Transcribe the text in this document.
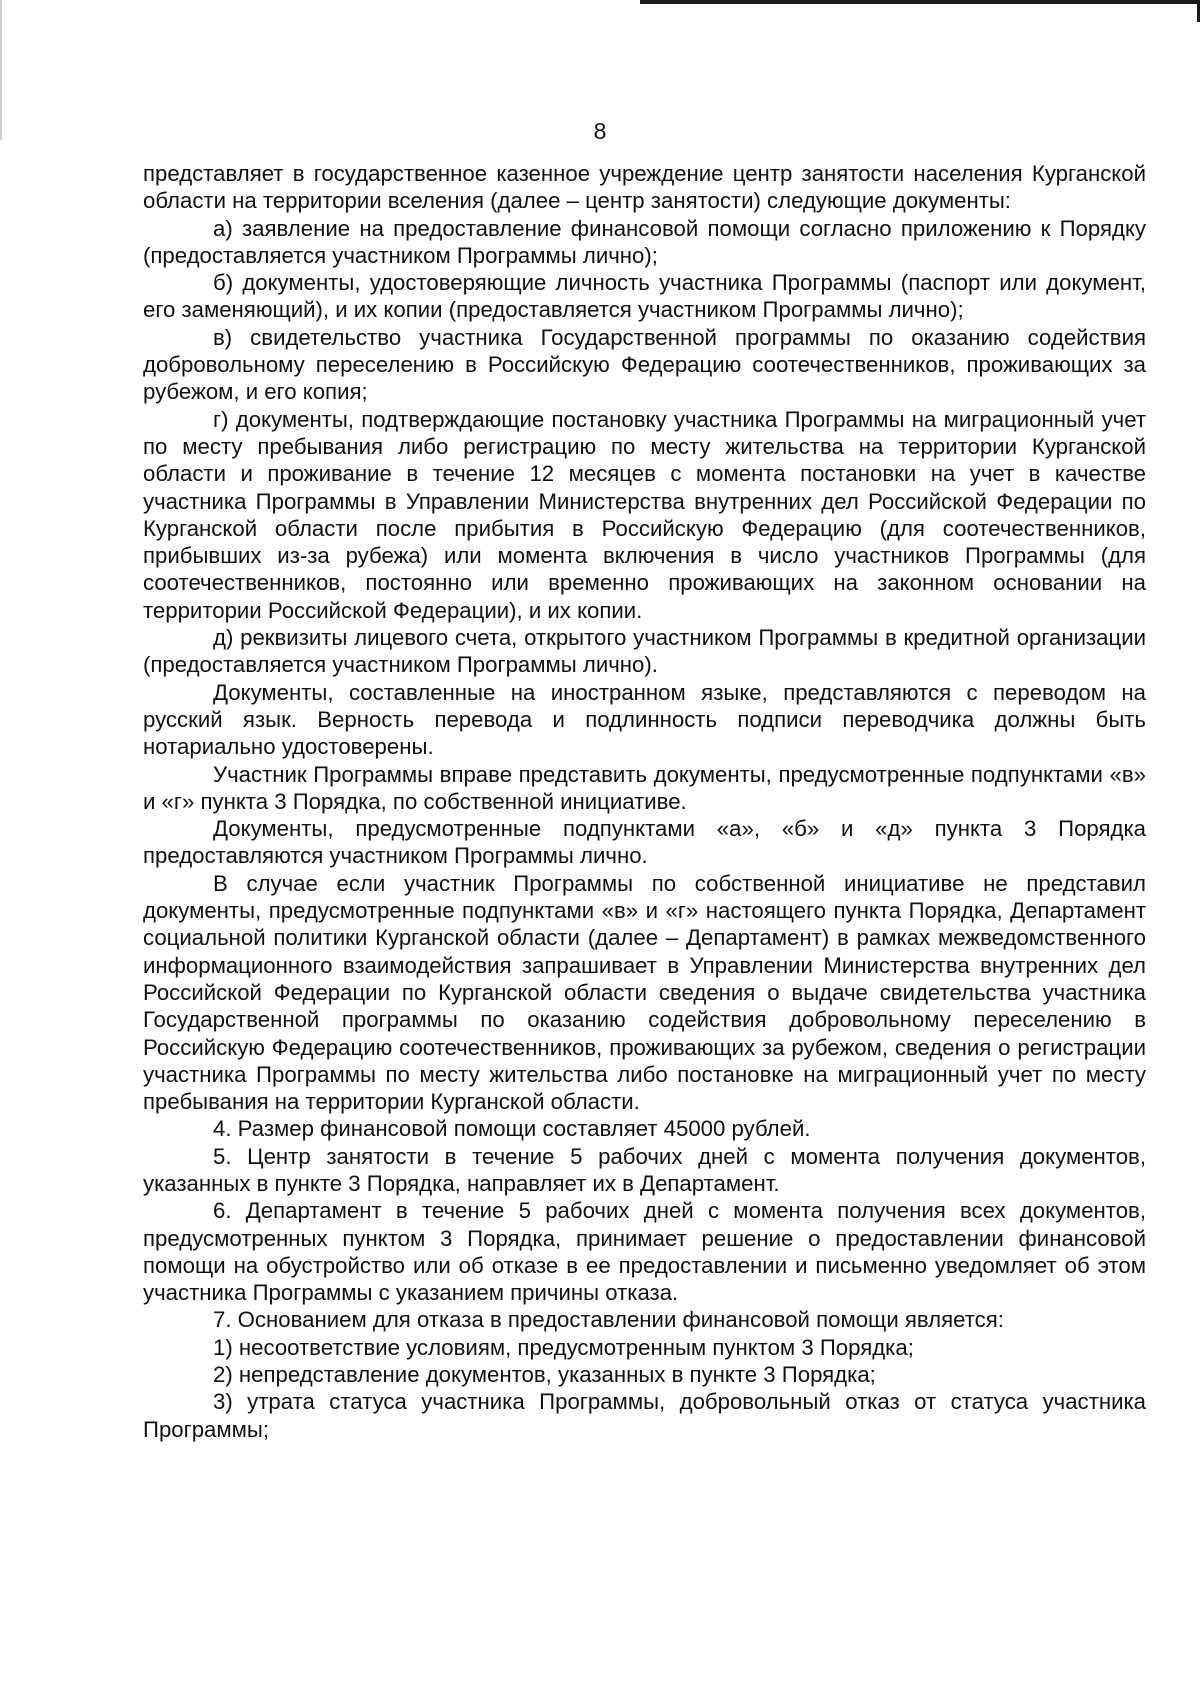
8

представляет в государственное казенное учреждение центр занятости населения Курганской области на территории вселения (далее – центр занятости) следующие документы:

а) заявление на предоставление финансовой помощи согласно приложению к Порядку (предоставляется участником Программы лично);

б) документы, удостоверяющие личность участника Программы (паспорт или документ, его заменяющий), и их копии (предоставляется участником Программы лично);

в) свидетельство участника Государственной программы по оказанию содействия добровольному переселению в Российскую Федерацию соотечественников, проживающих за рубежом, и его копия;

г) документы, подтверждающие постановку участника Программы на миграционный учет по месту пребывания либо регистрацию по месту жительства на территории Курганской области и проживание в течение 12 месяцев с момента постановки на учет в качестве участника Программы в Управлении Министерства внутренних дел Российской Федерации по Курганской области после прибытия в Российскую Федерацию (для соотечественников, прибывших из-за рубежа) или момента включения в число участников Программы (для соотечественников, постоянно или временно проживающих на законном основании на территории Российской Федерации), и их копии.

д) реквизиты лицевого счета, открытого участником Программы в кредитной организации (предоставляется участником Программы лично).

Документы, составленные на иностранном языке, представляются с переводом на русский язык. Верность перевода и подлинность подписи переводчика должны быть нотариально удостоверены.

Участник Программы вправе представить документы, предусмотренные подпунктами «в» и «г» пункта 3 Порядка, по собственной инициативе.

Документы, предусмотренные подпунктами «а», «б» и «д» пункта 3 Порядка предоставляются участником Программы лично.

В случае если участник Программы по собственной инициативе не представил документы, предусмотренные подпунктами «в» и «г» настоящего пункта Порядка, Департамент социальной политики Курганской области (далее – Департамент) в рамках межведомственного информационного взаимодействия запрашивает в Управлении Министерства внутренних дел Российской Федерации по Курганской области сведения о выдаче свидетельства участника Государственной программы по оказанию содействия добровольному переселению в Российскую Федерацию соотечественников, проживающих за рубежом, сведения о регистрации участника Программы по месту жительства либо постановке на миграционный учет по месту пребывания на территории Курганской области.

4. Размер финансовой помощи составляет 45000 рублей.

5. Центр занятости в течение 5 рабочих дней с момента получения документов, указанных в пункте 3 Порядка, направляет их в Департамент.

6. Департамент в течение 5 рабочих дней с момента получения всех документов, предусмотренных пунктом 3 Порядка, принимает решение о предоставлении финансовой помощи на обустройство или об отказе в ее предоставлении и письменно уведомляет об этом участника Программы с указанием причины отказа.

7. Основанием для отказа в предоставлении финансовой помощи является:

1) несоответствие условиям, предусмотренным пунктом 3 Порядка;

2) непредставление документов, указанных в пункте 3 Порядка;

3) утрата статуса участника Программы, добровольный отказ от статуса участника Программы;
